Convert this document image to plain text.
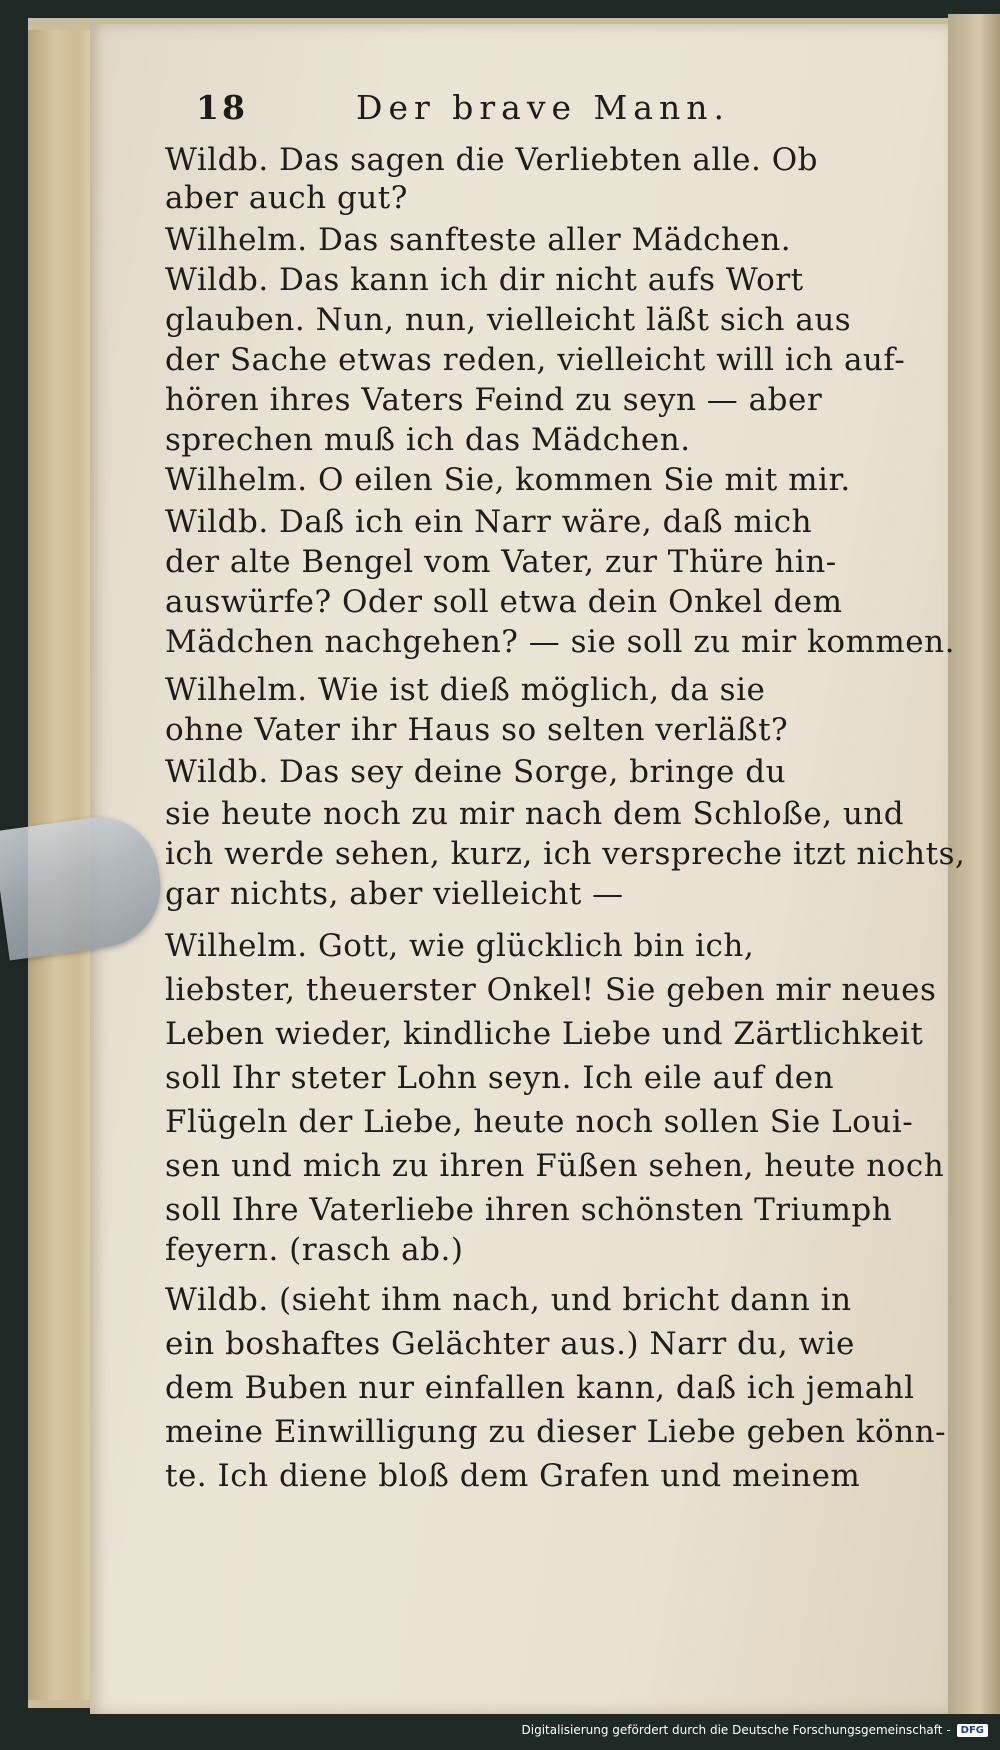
18	Der brave Mann.
Wildb. Das sagen die Verliebten alle. Ob
aber auch gut?
Wilhelm. Das sanfteste aller Mädchen.
Wildb. Das kann ich dir nicht aufs Wort
glauben. Nun, nun, vielleicht läßt sich aus
der Sache etwas reden, vielleicht will ich auf-
hören ihres Vaters Feind zu seyn — aber
sprechen muß ich das Mädchen.
Wilhelm. O eilen Sie, kommen Sie mit mir.
Wildb. Daß ich ein Narr wäre, daß mich
der alte Bengel vom Vater, zur Thüre hin-
auswürfe? Oder soll etwa dein Onkel dem
Mädchen nachgehen? — sie soll zu mir kommen.
Wilhelm. Wie ist dieß möglich, da sie
ohne Vater ihr Haus so selten verläßt?
Wildb. Das sey deine Sorge, bringe du
sie heute noch zu mir nach dem Schloße, und
ich werde sehen, kurz, ich verspreche itzt nichts,
gar nichts, aber vielleicht —
Wilhelm. Gott, wie glücklich bin ich,
liebster, theuerster Onkel! Sie geben mir neues
Leben wieder, kindliche Liebe und Zärtlichkeit
soll Ihr steter Lohn seyn. Ich eile auf den
Flügeln der Liebe, heute noch sollen Sie Loui-
sen und mich zu ihren Füßen sehen, heute noch
soll Ihre Vaterliebe ihren schönsten Triumph
feyern. (rasch ab.)
Wildb. (sieht ihm nach, und bricht dann in
ein boshaftes Gelächter aus.) Narr du, wie
dem Buben nur einfallen kann, daß ich jemahl
meine Einwilligung zu dieser Liebe geben könn-
te. Ich diene bloß dem Grafen und meinem
Digitalisierung gefördert durch die Deutsche Forschungsgemeinschaft -	DFG
